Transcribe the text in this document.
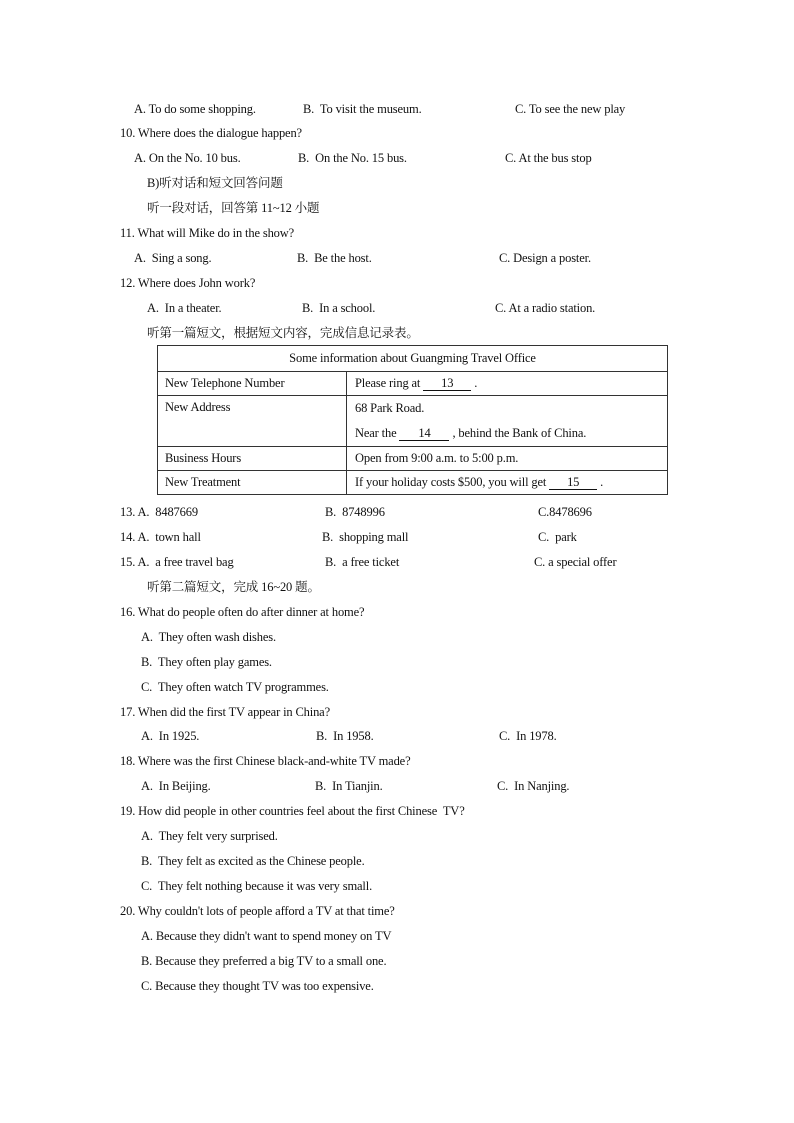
A. To do some shopping.	B.  To visit the museum.	C. To see the new play
10. Where does the dialogue happen?
A. On the No. 10 bus.	B.  On the No. 15 bus.	C. At the bus stop
B)听对话和短文回答问题
听一段对话，回答第 11~12 小题
11. What will Mike do in the show?
A.  Sing a song.	B.  Be the host.	C. Design a poster.
12. Where does John work?
A.  In a theater.	B.  In a school.	C. At a radio station.
听第一篇短文，根据短文内容，完成信息记录表。
Some information about Guangming Travel Office	
New Telephone Number	Please ring at 13 .
New Address	68 Park Road.
Near the 14 , behind the Bank of China.

Business Hours	Open from 9:00 a.m. to 5:00 p.m.
New Treatment	If your holiday costs $500, you will get 15 .
13. A.  8487669	B.  8748996	C.8478696
14. A.  town hall	B.  shopping mall	C.  park
15. A.  a free travel bag	B.  a free ticket	C. a special offer
听第二篇短文，完成 16~20 题。
16. What do people often do after dinner at home?
A.  They often wash dishes.
B.  They often play games.
C.  They often watch TV programmes.
17. When did the first TV appear in China?
A.  In 1925.	B.  In 1958.	C.  In 1978.
18. Where was the first Chinese black-and-white TV made?
A.  In Beijing.	B.  In Tianjin.	C.  In Nanjing.
19. How did people in other countries feel about the first Chinese  TV?
A.  They felt very surprised.
B.  They felt as excited as the Chinese people.
C.  They felt nothing because it was very small.
20. Why couldn't lots of people afford a TV at that time?
A. Because they didn't want to spend money on TV
B. Because they preferred a big TV to a small one.
C. Because they thought TV was too expensive.
